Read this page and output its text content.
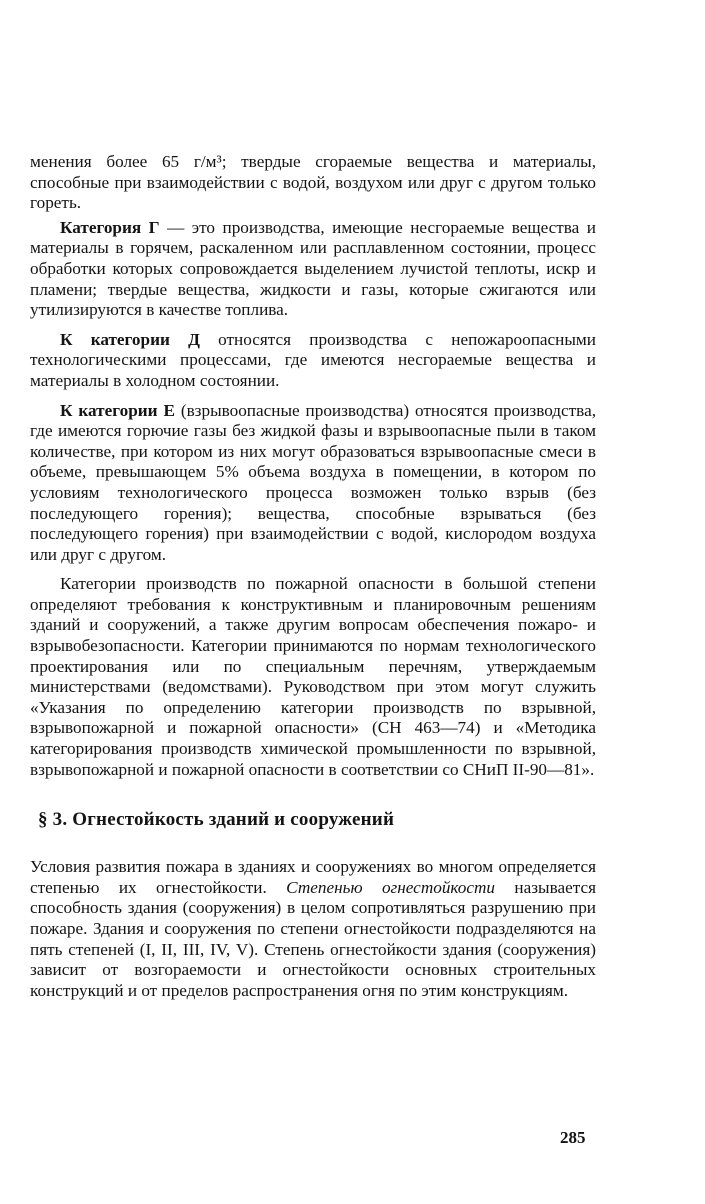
менения более 65 г/м³; твердые сгораемые вещества и материалы, способные при взаимодействии с водой, воздухом или друг с другом только гореть.

Категория Г — это производства, имеющие несгораемые вещества и материалы в горячем, раскаленном или расплавленном состоянии, процесс обработки которых сопровождается выделением лучистой теплоты, искр и пламени; твердые вещества, жидкости и газы, которые сжигаются или утилизируются в качестве топлива.

К категории Д относятся производства с непожароопасными технологическими процессами, где имеются несгораемые вещества и материалы в холодном состоянии.

К категории Е (взрывоопасные производства) относятся производства, где имеются горючие газы без жидкой фазы и взрывоопасные пыли в таком количестве, при котором из них могут образоваться взрывоопасные смеси в объеме, превышающем 5% объема воздуха в помещении, в котором по условиям технологического процесса возможен только взрыв (без последующего горения); вещества, способные взрываться (без последующего горения) при взаимодействии с водой, кислородом воздуха или друг с другом.

Категории производств по пожарной опасности в большой степени определяют требования к конструктивным и планировочным решениям зданий и сооружений, а также другим вопросам обеспечения пожаро- и взрывобезопасности. Категории принимаются по нормам технологического проектирования или по специальным перечням, утверждаемым министерствами (ведомствами). Руководством при этом могут служить «Указания по определению категории производств по взрывной, взрывопожарной и пожарной опасности» (СН 463—74) и «Методика категорирования производств химической промышленности по взрывной, взрывопожарной и пожарной опасности в соответствии со СНиП II-90—81».

§ 3. Огнестойкость зданий и сооружений

Условия развития пожара в зданиях и сооружениях во многом определяется степенью их огнестойкости. Степенью огнестойкости называется способность здания (сооружения) в целом сопротивляться разрушению при пожаре. Здания и сооружения по степени огнестойкости подразделяются на пять степеней (I, II, III, IV, V). Степень огнестойкости здания (сооружения) зависит от возгораемости и огнестойкости основных строительных конструкций и от пределов распространения огня по этим конструкциям.

285
